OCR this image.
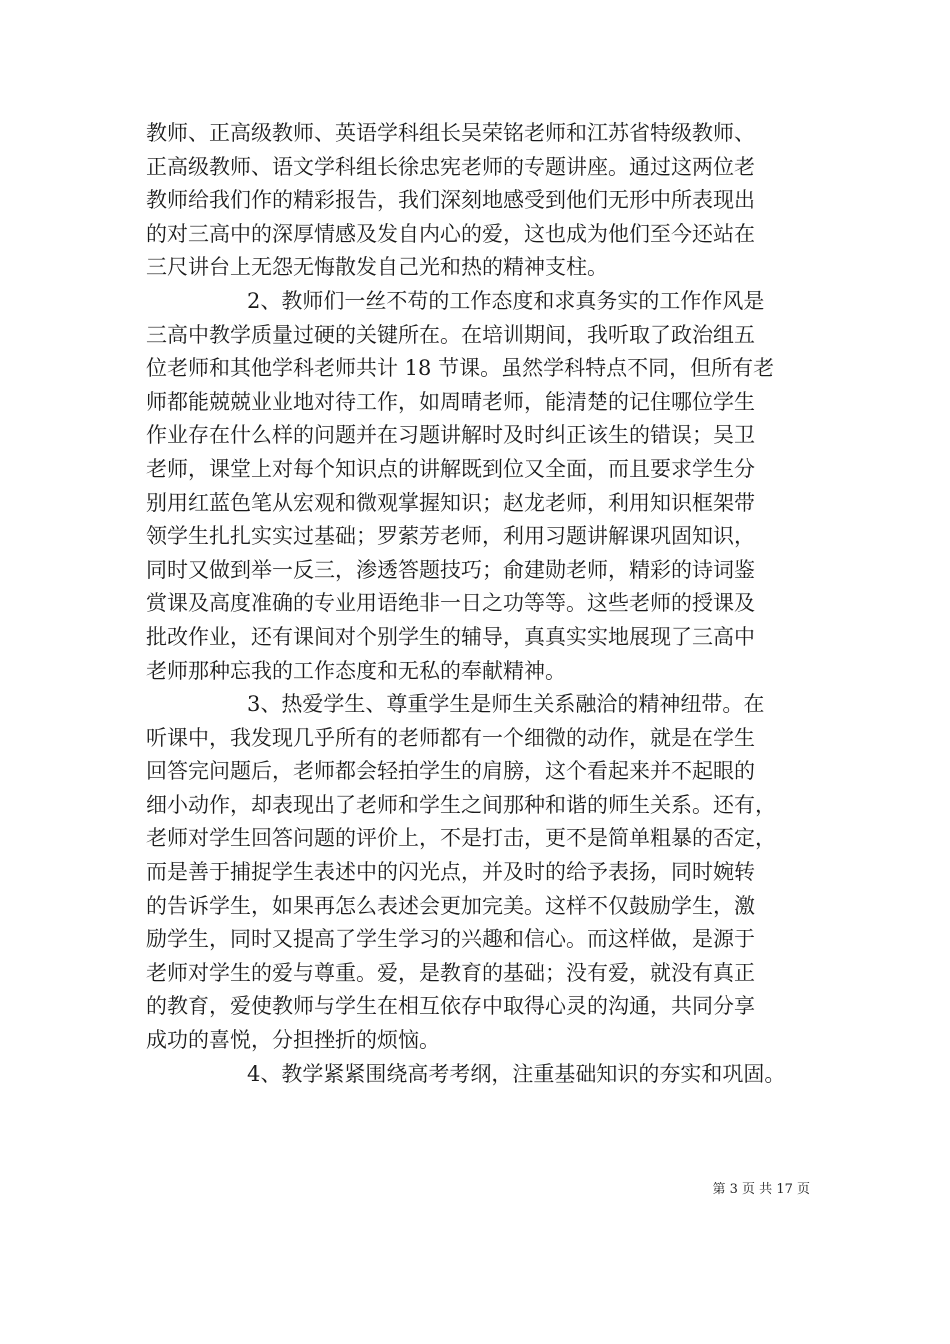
教师、正高级教师、英语学科组长吴荣铭老师和江苏省特级教师、
正高级教师、语文学科组长徐忠宪老师的专题讲座。通过这两位老
教师给我们作的精彩报告，我们深刻地感受到他们无形中所表现出
的对三高中的深厚情感及发自内心的爱，这也成为他们至今还站在
三尺讲台上无怨无悔散发自己光和热的精神支柱。
2、教师们一丝不苟的工作态度和求真务实的工作作风是
三高中教学质量过硬的关键所在。在培训期间，我听取了政治组五
位老师和其他学科老师共计 18 节课。虽然学科特点不同，但所有老
师都能兢兢业业地对待工作，如周晴老师，能清楚的记住哪位学生
作业存在什么样的问题并在习题讲解时及时纠正该生的错误；吴卫
老师，课堂上对每个知识点的讲解既到位又全面，而且要求学生分
别用红蓝色笔从宏观和微观掌握知识；赵龙老师，利用知识框架带
领学生扎扎实实过基础；罗萦芳老师，利用习题讲解课巩固知识，
同时又做到举一反三，渗透答题技巧；俞建勋老师，精彩的诗词鉴
赏课及高度准确的专业用语绝非一日之功等等。这些老师的授课及
批改作业，还有课间对个别学生的辅导，真真实实地展现了三高中
老师那种忘我的工作态度和无私的奉献精神。
3、热爱学生、尊重学生是师生关系融洽的精神纽带。在
听课中，我发现几乎所有的老师都有一个细微的动作，就是在学生
回答完问题后，老师都会轻拍学生的肩膀，这个看起来并不起眼的
细小动作，却表现出了老师和学生之间那种和谐的师生关系。还有，
老师对学生回答问题的评价上，不是打击，更不是简单粗暴的否定，
而是善于捕捉学生表述中的闪光点，并及时的给予表扬，同时婉转
的告诉学生，如果再怎么表述会更加完美。这样不仅鼓励学生，激
励学生，同时又提高了学生学习的兴趣和信心。而这样做，是源于
老师对学生的爱与尊重。爱，是教育的基础；没有爱，就没有真正
的教育，爱使教师与学生在相互依存中取得心灵的沟通，共同分享
成功的喜悦，分担挫折的烦恼。
4、教学紧紧围绕高考考纲，注重基础知识的夯实和巩固。
第 3 页 共 17 页
